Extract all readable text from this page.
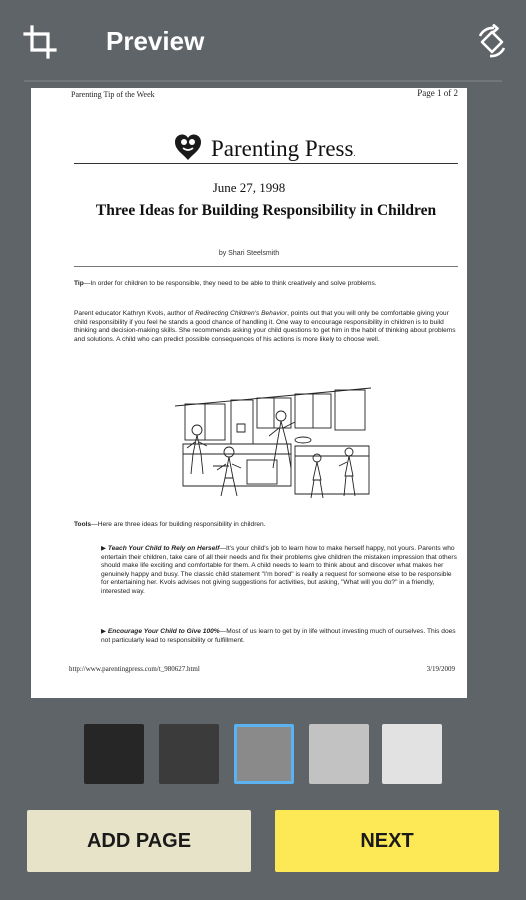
Preview
Parenting Tip of the Week	Page 1 of 2
Parenting Press.
June 27, 1998
Three Ideas for Building Responsibility in Children
by Shari Steelsmith
Tip—In order for children to be responsible, they need to be able to think creatively and solve problems.
Parent educator Kathryn Kvols, author of Redirecting Children's Behavior, points out that you will only be comfortable giving your child responsibility if you feel he stands a good chance of handling it. One way to encourage responsibility in children is to build thinking and decision-making skills. She recommends asking your child questions to get him in the habit of thinking about problems and solutions. A child who can predict possible consequences of his actions is more likely to choose well.
Tools—Here are three ideas for building responsibility in children.
▶ Teach Your Child to Rely on Herself—It's your child's job to learn how to make herself happy, not yours. Parents who entertain their children, take care of all their needs and fix their problems give children the mistaken impression that others should make life exciting and comfortable for them. A child needs to learn to think about and discover what makes her genuinely happy and busy. The classic child statement "I'm bored" is really a request for someone else to be responsible for entertaining her. Kvols advises not giving suggestions for activities, but asking, "What will you do?" in a friendly, interested way.
▶ Encourage Your Child to Give 100%—Most of us learn to get by in life without investing much of ourselves. This does not particularly lead to responsibility or fulfillment.
http://www.parentingpress.com/t_980627.html	3/19/2009
ADD PAGE	NEXT
